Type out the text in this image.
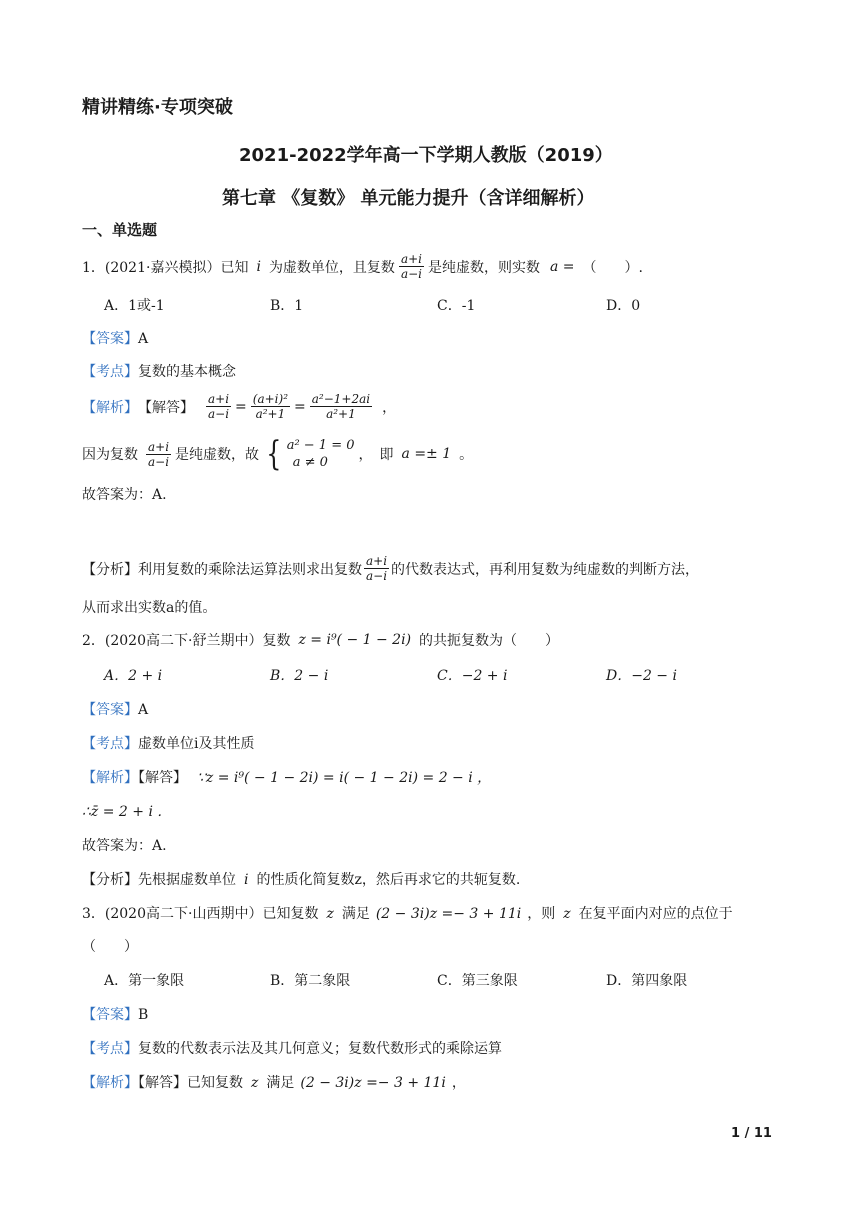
精讲精练·专项突破
2021-2022学年高一下学期人教版（2019）
第七章 《复数》 单元能力提升（含详细解析）
一、单选题
1．(2021·嘉兴模拟）已知 i 为虚数单位，且复数 $\frac{a+i}{a-i}$ 是纯虚数，则实数 a = （　　）.
A．1或-1	B．1	C．-1	D．0
【答案】A
【考点】复数的基本概念
【解析】 【解答】 $\frac{a+i}{a-i} = \frac{\text{(a+i)²}}{\text{a²+1}} = \frac{\text{a²−1+2ai}}{\text{a²+1}}$ ，
因为复数 $\frac{a+i}{a-i}$ 是纯虚数，故 { a² − 1 = 0
a ≠ 0	，　即 a =± 1 。
故答案为：A.
【分析】 利用复数的乘除法运算法则求出复数 $\frac{a+i}{a-i}$ 的代数表达式，再利用复数为纯虚数的判断方法，
从而求出实数a的值。
2．(2020高二下·舒兰期中）复数 z = i⁹( − 1 − 2i) 的共扼复数为（　　）
A．2 + i	B．2 − i	C．−2 + i	D．−2 − i
【答案】A
【考点】虚数单位i及其性质
【解析】【解答】 ∵z = i⁹( − 1 − 2i) = i( − 1 − 2i) = 2 − i ，
∴z̄ = 2 + i ．
故答案为：A.
【分析】先根据虚数单位 i 的性质化简复数z，然后再求它的共轭复数.
3．(2020高二下·山西期中）已知复数 z 满足 (2 − 3i)z =− 3 + 11i ，则 z 在复平面内对应的点位于
（　　）
A．第一象限	B．第二象限	C．第三象限	D．第四象限
【答案】B
【考点】复数的代数表示法及其几何意义；复数代数形式的乘除运算
【解析】【解答】已知复数 z 满足 (2 − 3i)z =− 3 + 11i ，
1 / 11
